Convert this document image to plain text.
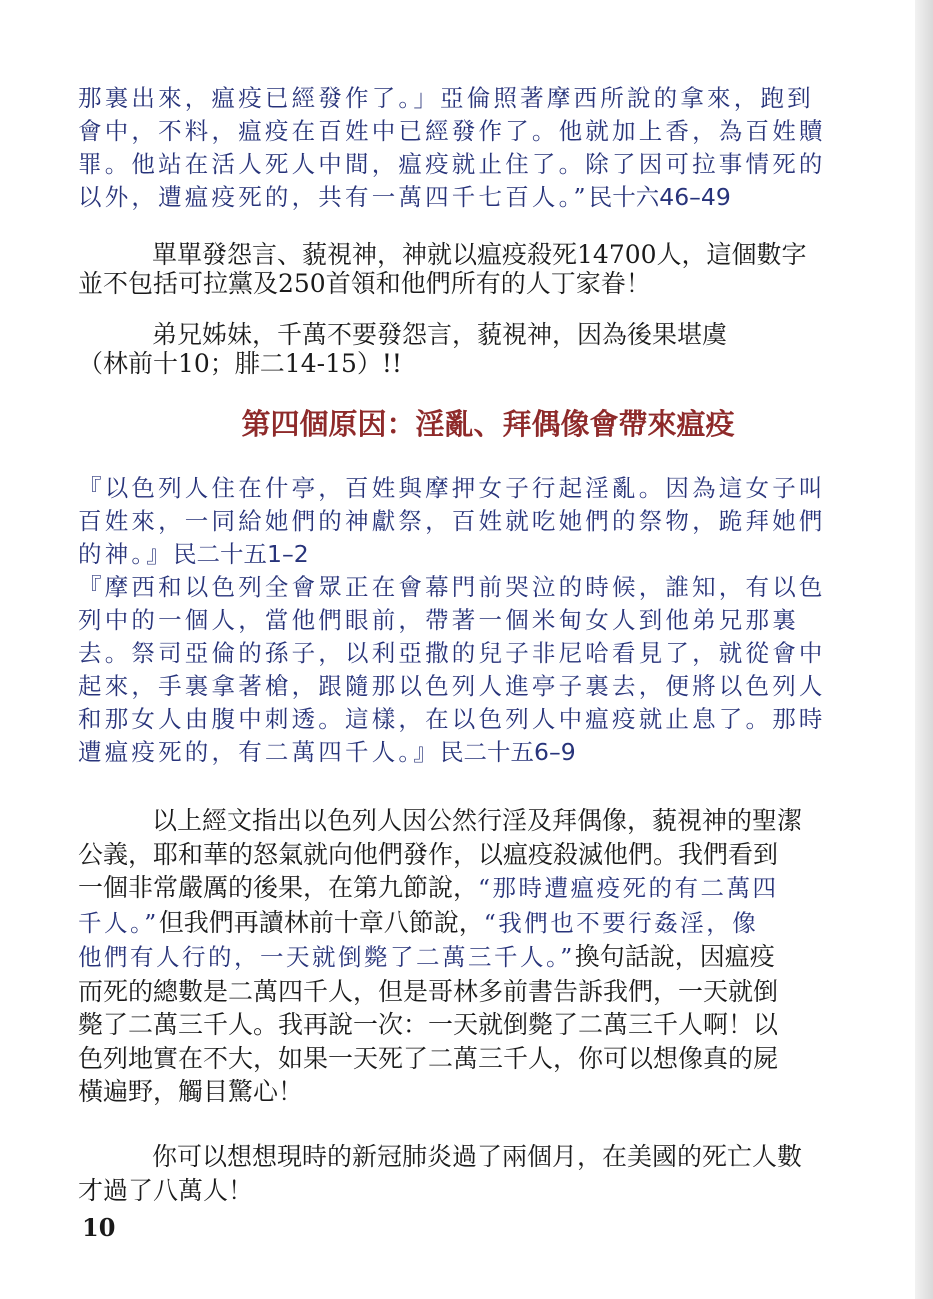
那裏出來，瘟疫已經發作了。」亞倫照著摩西所說的拿來，跑到
會中，不料，瘟疫在百姓中已經發作了。他就加上香，為百姓贖
罪。他站在活人死人中間，瘟疫就止住了。除了因可拉事情死的
以外，遭瘟疫死的，共有一萬四千七百人。”民十六46–49
單單發怨言、藐視神，神就以瘟疫殺死14700人，這個數字
並不包括可拉黨及250首領和他們所有的人丁家眷！
弟兄姊妹，千萬不要發怨言，藐視神，因為後果堪虞
（林前十10；腓二14-15）!!
第四個原因：淫亂、拜偶像會帶來瘟疫
『以色列人住在什亭，百姓與摩押女子行起淫亂。因為這女子叫
百姓來，一同給她們的神獻祭，百姓就吃她們的祭物，跪拜她們
的神。』民二十五1–2
『摩西和以色列全會眾正在會幕門前哭泣的時候，誰知，有以色
列中的一個人，當他們眼前，帶著一個米甸女人到他弟兄那裏
去。祭司亞倫的孫子，以利亞撒的兒子非尼哈看見了，就從會中
起來，手裏拿著槍，跟隨那以色列人進亭子裏去，便將以色列人
和那女人由腹中刺透。這樣，在以色列人中瘟疫就止息了。那時
遭瘟疫死的，有二萬四千人。』民二十五6–9
以上經文指出以色列人因公然行淫及拜偶像，藐視神的聖潔
公義，耶和華的怒氣就向他們發作，以瘟疫殺滅他們。我們看到
一個非常嚴厲的後果，在第九節說，“那時遭瘟疫死的有二萬四
千人。”但我們再讀林前十章八節說，“我們也不要行姦淫，像
他們有人行的，一天就倒斃了二萬三千人。”換句話說，因瘟疫
而死的總數是二萬四千人，但是哥林多前書告訴我們，一天就倒
斃了二萬三千人。我再說一次：一天就倒斃了二萬三千人啊！以
色列地實在不大，如果一天死了二萬三千人，你可以想像真的屍
橫遍野，觸目驚心！
你可以想想現時的新冠肺炎過了兩個月，在美國的死亡人數
才過了八萬人！
10
